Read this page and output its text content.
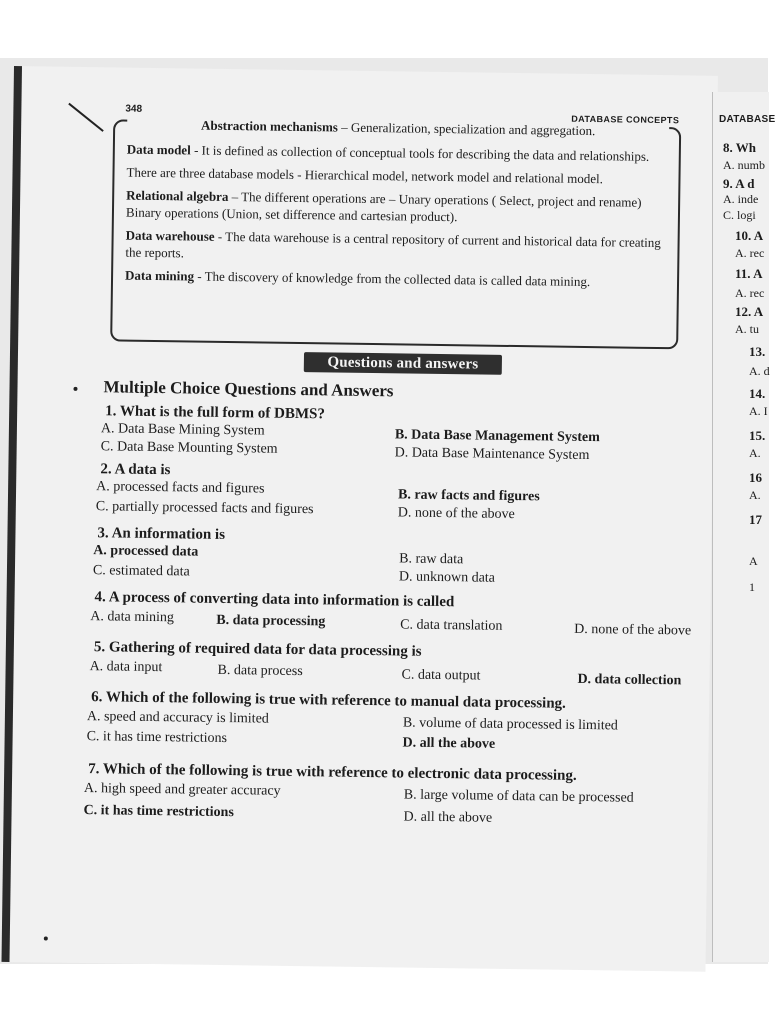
348
DATABASE CONCEPTS

Abstraction mechanisms – Generalization, specialization and aggregation.

Data model - It is defined as collection of conceptual tools for describing the data and relationships.

There are three database models - Hierarchical model, network model and relational model.

Relational algebra – The different operations are – Unary operations ( Select, project and rename) Binary operations (Union, set difference and cartesian product).

Data warehouse - The data warehouse is a central repository of current and historical data for creating the reports.

Data mining - The discovery of knowledge from the collected data is called data mining.

Questions and answers
Multiple Choice Questions and Answers
1. What is the full form of DBMS?
A. Data Base Mining System	B. Data Base Management System
C. Data Base Mounting System	D. Data Base Maintenance System
2. A data is
A. processed facts and figures	B. raw facts and figures
C. partially processed facts and figures	D. none of the above
3. An information is
A. processed data	B. raw data
C. estimated data	D. unknown data
4. A process of converting data into information is called
A. data mining	B. data processing	C. data translation	D. none of the above
5. Gathering of required data for data processing is
A. data input	B. data process	C. data output	D. data collection
6. Which of the following is true with reference to manual data processing.
A. speed and accuracy is limited	B. volume of data processed is limited
C. it has time restrictions	D. all the above
7. Which of the following is true with reference to electronic data processing.
A. high speed and greater accuracy	B. large volume of data can be processed
C. it has time restrictions	D. all the above
DATABASE
8. Wh
A. numb
9. A d
A. inde
C. logi
10. A
A. rec
11. A
A. rec
12. A
A. tu
13.
A. d
14.
A. I
15.
A.
16
A.
17
A
1
